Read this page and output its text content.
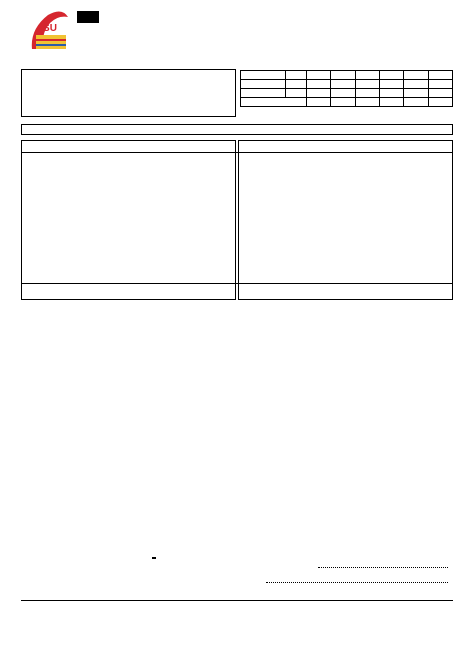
SU
